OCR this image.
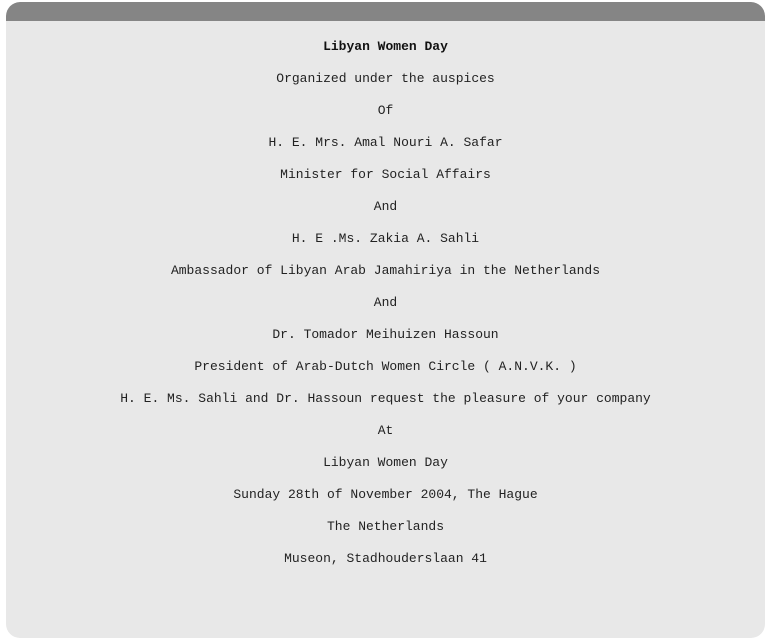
Libyan Women Day
Organized under the auspices
Of
H. E. Mrs. Amal Nouri A. Safar
Minister for Social Affairs
And
H. E .Ms. Zakia A. Sahli
Ambassador of Libyan Arab Jamahiriya in the Netherlands
And
Dr. Tomador Meihuizen Hassoun
President of Arab-Dutch Women Circle ( A.N.V.K. )
H. E. Ms. Sahli and Dr. Hassoun request the pleasure of your company
At
Libyan Women Day
Sunday 28th of November 2004, The Hague
The Netherlands
Museon, Stadhouderslaan 41
